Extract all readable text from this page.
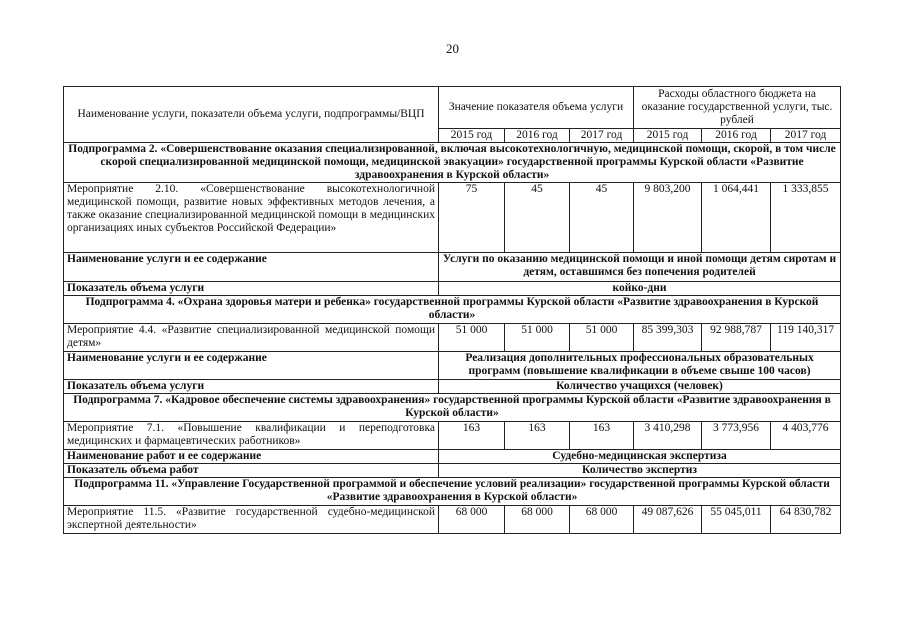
20
Наименование услуги, показатели объема услуги, подпрограммы/ВЦП	Значение показателя объема услуги			Расходы областного бюджета на оказание государственной услуги, тыс. рублей		
	2015 год	2016 год	2017 год	2015 год	2016 год	2017 год
Подпрограмма 2. «Совершенствование оказания специализированной, включая высокотехнологичную, медицинской помощи, скорой, в том числе скорой специализированной медицинской помощи, медицинской эвакуации» государственной программы Курской области «Развитие здравоохранения в Курской области»						
Мероприятие 2.10. «Совершенствование высокотехнологичной медицинской помощи, развитие новых эффективных методов лечения, а также оказание специализированной медицинской помощи в медицинских организациях иных субъектов Российской Федерации»	75	45	45	9 803,200	1 064,441	1 333,855
Наименование услуги и ее содержание	Услуги по оказанию медицинской помощи и иной помощи детям сиротам и детям, оставшимся без попечения родителей					
Показатель объема услуги	койко-дни					
Подпрограмма 4. «Охрана здоровья матери и ребенка» государственной программы Курской области «Развитие здравоохранения в Курской области»						
Мероприятие 4.4. «Развитие специализированной медицинской помощи детям»	51 000	51 000	51 000	85 399,303	92 988,787	119 140,317
Наименование услуги и ее содержание	Реализация дополнительных профессиональных образовательных программ (повышение квалификации в объеме свыше 100 часов)					
Показатель объема услуги	Количество учащихся (человек)					
Подпрограмма 7. «Кадровое обеспечение системы здравоохранения» государственной программы Курской области «Развитие здравоохранения в Курской области»						
Мероприятие 7.1. «Повышение квалификации и переподготовка медицинских и фармацевтических работников»	163	163	163	3 410,298	3 773,956	4 403,776
Наименование работ и ее содержание	Судебно-медицинская экспертиза					
Показатель объема работ	Количество экспертиз					
Подпрограмма 11. «Управление Государственной программой и обеспечение условий реализации» государственной программы Курской области «Развитие здравоохранения в Курской области»						
Мероприятие 11.5. «Развитие государственной судебно-медицинской экспертной деятельности»	68 000	68 000	68 000	49 087,626	55 045,011	64 830,782
